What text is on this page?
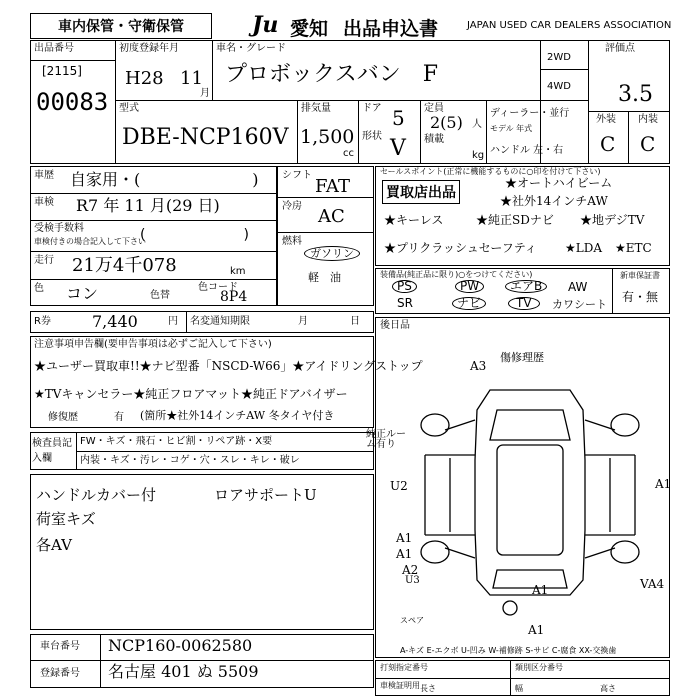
車内保管・守衛保管	Ju 愛知 出品申込書	JAPAN USED CAR DEALERS ASSOCIATION
出品番号
[2115]
00083
初度登録年月
H28 11
月
車名・グレード
プロボックスバン　F
2WD
4WD
評価点
3.5
型式
DBE-NCP160V
排気量
1,500
cc
ドア 5
形状 V
定員
2(5) 人
積載
kg
ディーラー・並行
モデル 年式
ハンドル 左・右
外装 内装
C C
車歴 自家用・(　　　　　　　)
車検 R7 年 11 月(29 日)
受検手数料
車検付きの場合記入して下さい
(　　　　　　　)
走行 21万4千078	km
色 コン	色替
色コード
8P4
シフト
FAT
冷房 AC
燃料
ガソリン
軽　油
セールスポイント(正常に機能するものに○印を付けて下さい)
買取店出品
★オートハイビーム
★社外14インチAW
★キーレス	★純正SDナビ ★地デジTV
★プリクラッシュセーフティ ★LDA ★ETC
装備品(純正品に限り)○をつけてください)
PS	PW	エアB	AW
SR	ナビ	TV	カワシート
新車保証書
有・無
R券	7,440	円 名変通知期限	月	日
注意事項申告欄(要申告事項は必ずご記入して下さい)
★ユーザー買取車!!★ナビ型番「NSCD-W66」★アイドリングストップ
★TVキャンセラー★純正フロアマット★純正ドアバイザー
修復歴	有 (箇所★社外14インチAW 冬タイヤ付き
傷修理歴
検査員記入欄
FW・キズ・飛石・ヒビ割・リペア跡・X要
内装・キズ・汚レ・コゲ・穴・スレ・キレ・破レ
純正ルーム有り
ハンドルカバー付	ロアサポートU
荷室キズ
各AV
後日品
A3
A1
U2
A1
A1
A2
U3
A1	VA4
A1
スペア
A-キズ E-エクボ U-凹み W-補修跡 S-サビ C-腐食 XX-交換歯
車台番号 NCP160-0062580
登録番号 名古屋 401 ぬ 5509	打刻指定番号	類別区分番号
車検証明用 長さ	幅	高さ
